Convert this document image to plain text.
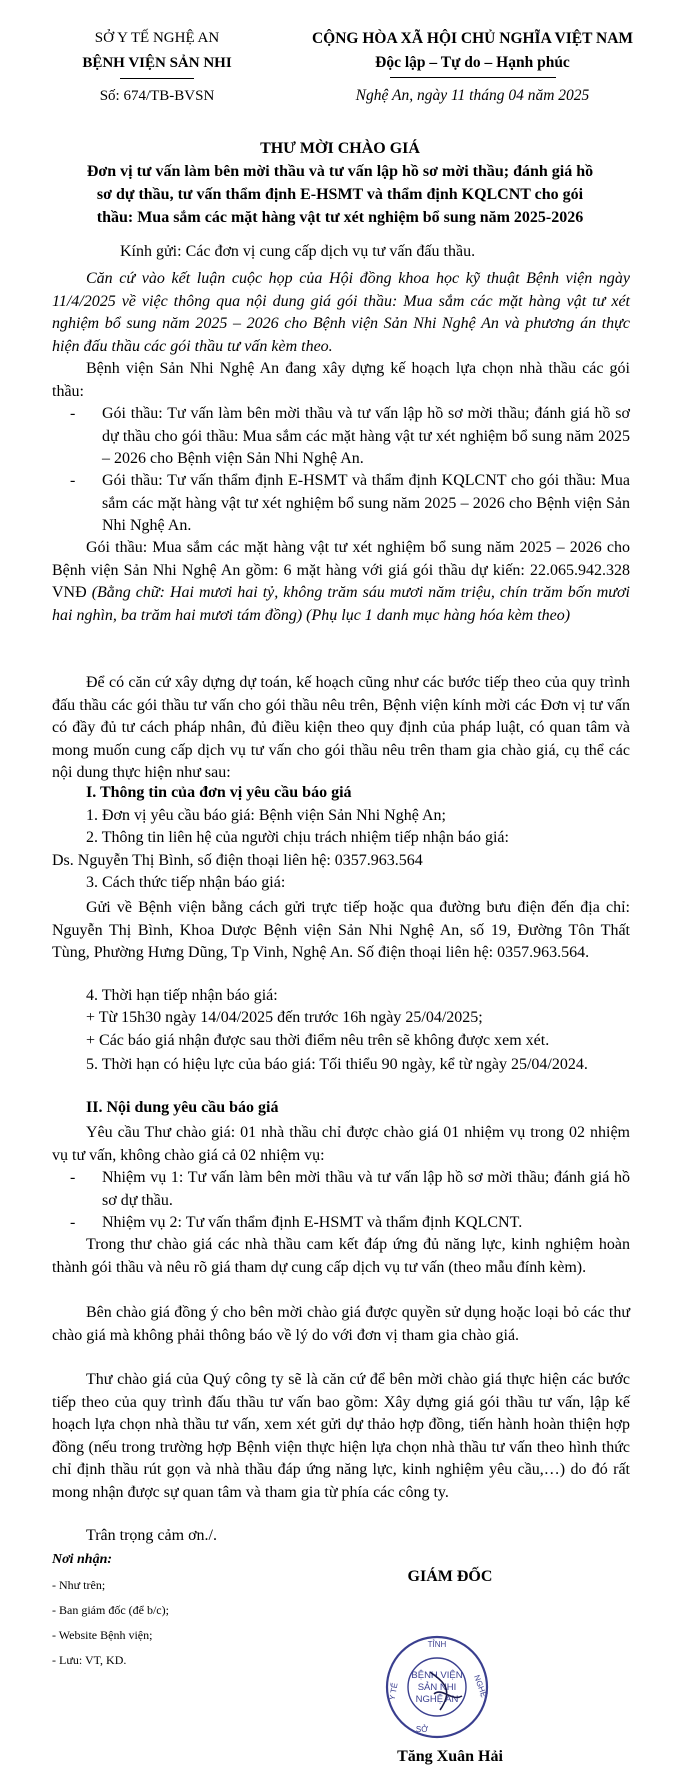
SỞ Y TẾ NGHỆ AN
BỆNH VIỆN SẢN NHI
Số: 674/TB-BVSN
CỘNG HÒA XÃ HỘI CHỦ NGHĨA VIỆT NAM
Độc lập – Tự do – Hạnh phúc
Nghệ An, ngày 11 tháng 04 năm 2025
THƯ MỜI CHÀO GIÁ
Đơn vị tư vấn làm bên mời thầu và tư vấn lập hồ sơ mời thầu; đánh giá hồ
sơ dự thầu, tư vấn thẩm định E-HSMT và thẩm định KQLCNT cho gói
thầu: Mua sắm các mặt hàng vật tư xét nghiệm bổ sung năm 2025-2026
Kính gửi: Các đơn vị cung cấp dịch vụ tư vấn đấu thầu.
Căn cứ vào kết luận cuộc họp của Hội đồng khoa học kỹ thuật Bệnh viện ngày 11/4/2025 về việc thông qua nội dung giá gói thầu: Mua sắm các mặt hàng vật tư xét nghiệm bổ sung năm 2025 – 2026 cho Bệnh viện Sản Nhi Nghệ An và phương án thực hiện đấu thầu các gói thầu tư vấn kèm theo.
Bệnh viện Sản Nhi Nghệ An đang xây dựng kế hoạch lựa chọn nhà thầu các gói thầu:
-	Gói thầu: Tư vấn làm bên mời thầu và tư vấn lập hồ sơ mời thầu; đánh giá hồ sơ dự thầu cho gói thầu: Mua sắm các mặt hàng vật tư xét nghiệm bổ sung năm 2025 – 2026 cho Bệnh viện Sản Nhi Nghệ An.
-	Gói thầu: Tư vấn thẩm định E-HSMT và thẩm định KQLCNT cho gói thầu: Mua sắm các mặt hàng vật tư xét nghiệm bổ sung năm 2025 – 2026 cho Bệnh viện Sản Nhi Nghệ An.
Gói thầu: Mua sắm các mặt hàng vật tư xét nghiệm bổ sung năm 2025 – 2026 cho Bệnh viện Sản Nhi Nghệ An gồm: 6 mặt hàng với giá gói thầu dự kiến: 22.065.942.328 VNĐ (Bằng chữ: Hai mươi hai tỷ, không trăm sáu mươi năm triệu, chín trăm bốn mươi hai nghìn, ba trăm hai mươi tám đồng) (Phụ lục 1 danh mục hàng hóa kèm theo)
Để có căn cứ xây dựng dự toán, kế hoạch cũng như các bước tiếp theo của quy trình đấu thầu các gói thầu tư vấn cho gói thầu nêu trên, Bệnh viện kính mời các Đơn vị tư vấn có đầy đủ tư cách pháp nhân, đủ điều kiện theo quy định của pháp luật, có quan tâm và mong muốn cung cấp dịch vụ tư vấn cho gói thầu nêu trên tham gia chào giá, cụ thể các nội dung thực hiện như sau:
I. Thông tin của đơn vị yêu cầu báo giá
1. Đơn vị yêu cầu báo giá: Bệnh viện Sản Nhi Nghệ An;
2. Thông tin liên hệ của người chịu trách nhiệm tiếp nhận báo giá:
Ds. Nguyễn Thị Bình, số điện thoại liên hệ: 0357.963.564
3. Cách thức tiếp nhận báo giá:
Gửi về Bệnh viện bằng cách gửi trực tiếp hoặc qua đường bưu điện đến địa chỉ: Nguyễn Thị Bình, Khoa Dược Bệnh viện Sản Nhi Nghệ An, số 19, Đường Tôn Thất Tùng, Phường Hưng Dũng, Tp Vinh, Nghệ An. Số điện thoại liên hệ: 0357.963.564.
4. Thời hạn tiếp nhận báo giá:
+ Từ 15h30 ngày 14/04/2025 đến trước 16h ngày 25/04/2025;
+ Các báo giá nhận được sau thời điểm nêu trên sẽ không được xem xét.
5. Thời hạn có hiệu lực của báo giá: Tối thiểu 90 ngày, kể từ ngày 25/04/2024.
II. Nội dung yêu cầu báo giá
Yêu cầu Thư chào giá: 01 nhà thầu chỉ được chào giá 01 nhiệm vụ trong 02 nhiệm vụ tư vấn, không chào giá cả 02 nhiệm vụ:
-	Nhiệm vụ 1: Tư vấn làm bên mời thầu và tư vấn lập hồ sơ mời thầu; đánh giá hồ sơ dự thầu.
-	Nhiệm vụ 2: Tư vấn thẩm định E-HSMT và thẩm định KQLCNT.
Trong thư chào giá các nhà thầu cam kết đáp ứng đủ năng lực, kinh nghiệm hoàn thành gói thầu và nêu rõ giá tham dự cung cấp dịch vụ tư vấn (theo mẫu đính kèm).
Bên chào giá đồng ý cho bên mời chào giá được quyền sử dụng hoặc loại bỏ các thư chào giá mà không phải thông báo về lý do với đơn vị tham gia chào giá.
Thư chào giá của Quý công ty sẽ là căn cứ để bên mời chào giá thực hiện các bước tiếp theo của quy trình đấu thầu tư vấn bao gồm: Xây dựng giá gói thầu tư vấn, lập kế hoạch lựa chọn nhà thầu tư vấn, xem xét gửi dự thảo hợp đồng, tiến hành hoàn thiện hợp đồng (nếu trong trường hợp Bệnh viện thực hiện lựa chọn nhà thầu tư vấn theo hình thức chỉ định thầu rút gọn và nhà thầu đáp ứng năng lực, kinh nghiệm yêu cầu,…) do đó rất mong nhận được sự quan tâm và tham gia từ phía các công ty.
Trân trọng cảm ơn./.
Nơi nhận:
- Như trên;
- Ban giám đốc (để b/c);
- Website Bệnh viện;
- Lưu: VT, KD.
GIÁM ĐỐC
TỈNH
Y TẾ	NGHỆ
SỞ
BỆNH VIỆN
SẢN NHI
NGHỆ AN
Tăng Xuân Hải
